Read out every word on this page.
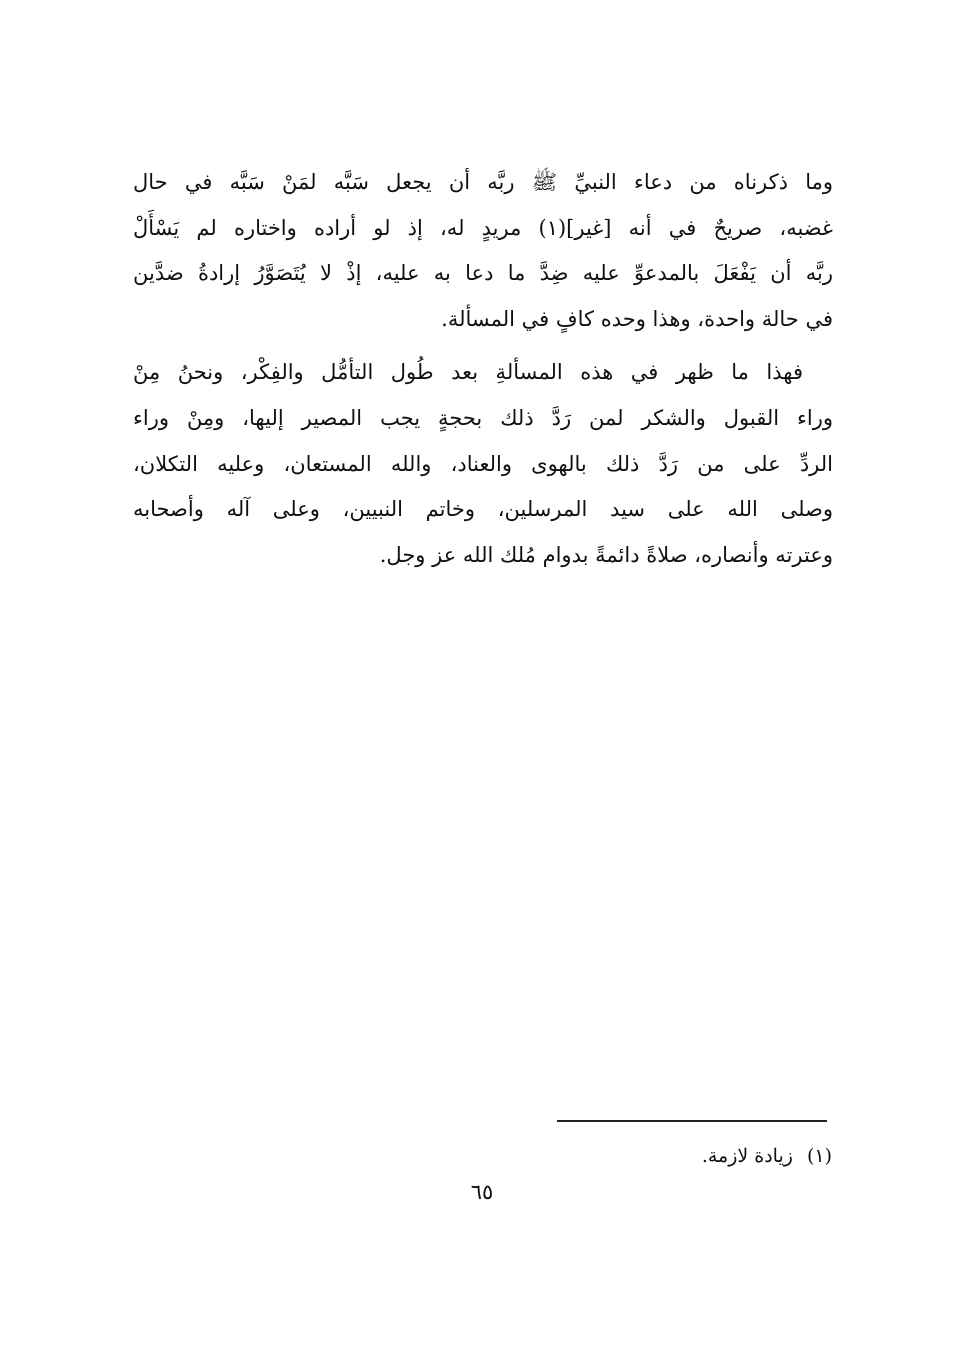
وما ذكرناه من دعاء النبيِّ ﷺ ربَّه أن يجعل سَبَّه لمَنْ سَبَّه في حال
غضبه، صريحٌ في أنه [غير](١) مريدٍ له، إذ لو أراده واختاره لم يَسْأَلْ
ربَّه أن يَفْعَلَ بالمدعوِّ عليه ضِدَّ ما دعا به عليه، إذْ لا يُتَصَوَّرُ إرادةُ ضدَّين
في حالة واحدة، وهذا وحده كافٍ في المسألة.

فهذا ما ظهر في هذه المسألةِ بعد طُول التأمُّل والفِكْر، ونحنُ مِنْ
وراء القبول والشكر لمن رَدَّ ذلك بحجةٍ يجب المصير إليها، ومِنْ وراء
الردِّ على من رَدَّ ذلك بالهوى والعناد، والله المستعان، وعليه التكلان،
وصلى الله على سيد المرسلين، وخاتم النبيين، وعلى آله وأصحابه
وعترته وأنصاره، صلاةً دائمةً بدوام مُلك الله عز وجل.

(١)زيادة لازمة.
٦٥
